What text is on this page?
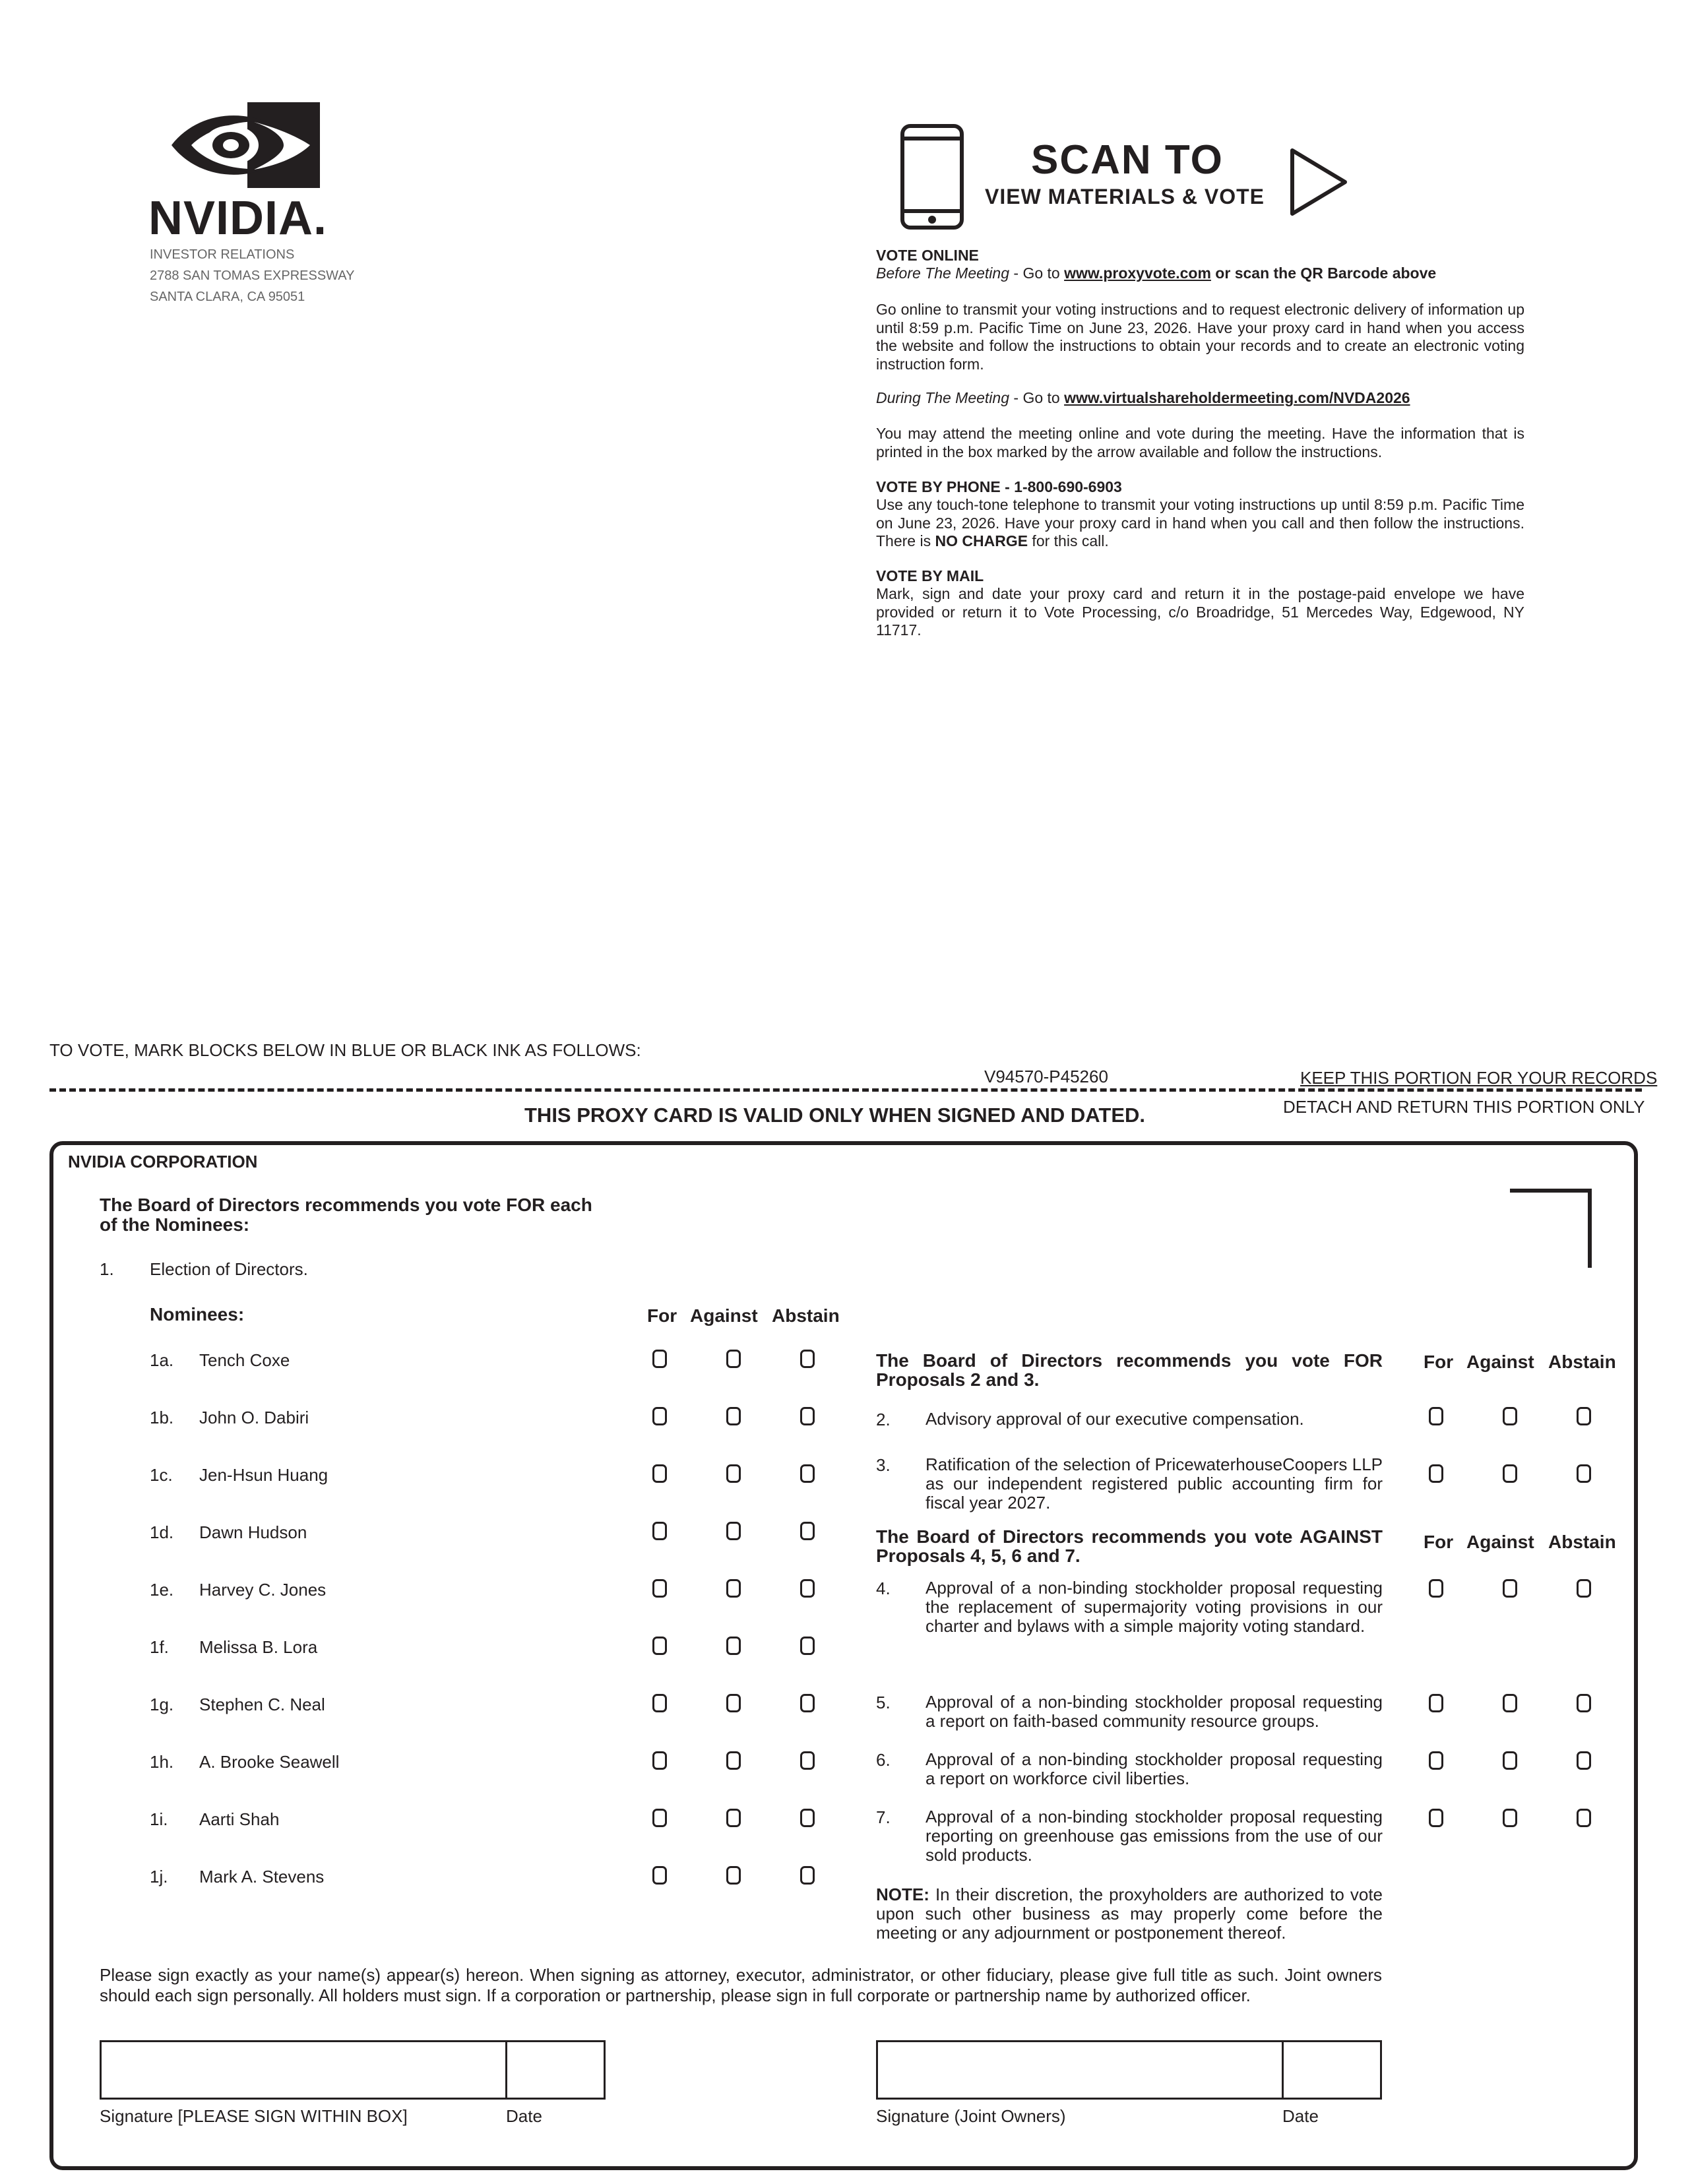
NVIDIA.
INVESTOR RELATIONS
2788 SAN TOMAS EXPRESSWAY
SANTA CLARA, CA 95051
SCAN TO
VIEW MATERIALS & VOTE
VOTE ONLINE
Before The Meeting - Go to www.proxyvote.com or scan the QR Barcode above
Go online to transmit your voting instructions and to request electronic delivery of information up until 8:59 p.m. Pacific Time on June 23, 2026. Have your proxy card in hand when you access the website and follow the instructions to obtain your records and to create an electronic voting instruction form.
During The Meeting - Go to www.virtualshareholdermeeting.com/NVDA2026
You may attend the meeting online and vote during the meeting. Have the information that is printed in the box marked by the arrow available and follow the instructions.
VOTE BY PHONE - 1-800-690-6903
Use any touch-tone telephone to transmit your voting instructions up until 8:59 p.m. Pacific Time on June 23, 2026. Have your proxy card in hand when you call and then follow the instructions. There is NO CHARGE for this call.
VOTE BY MAIL
Mark, sign and date your proxy card and return it in the postage-paid envelope we have provided or return it to Vote Processing, c/o Broadridge, 51 Mercedes Way, Edgewood, NY 11717.
TO VOTE, MARK BLOCKS BELOW IN BLUE OR BLACK INK AS FOLLOWS:
V94570-P45260	KEEP THIS PORTION FOR YOUR RECORDS
THIS PROXY CARD IS VALID ONLY WHEN SIGNED AND DATED.	DETACH AND RETURN THIS PORTION ONLY
NVIDIA CORPORATION
The Board of Directors recommends you vote FOR each
of the Nominees:
1. Election of Directors.
Nominees:	For Against Abstain
1a. Tench Coxe
1b. John O. Dabiri
1c. Jen-Hsun Huang
1d. Dawn Hudson
1e. Harvey C. Jones
1f. Melissa B. Lora
1g. Stephen C. Neal
1h. A. Brooke Seawell
1i. Aarti Shah
1j. Mark A. Stevens
The Board of Directors recommends you vote FOR Proposals 2 and 3.
For Against Abstain
2. Advisory approval of our executive compensation.
3. Ratification of the selection of PricewaterhouseCoopers LLP as our independent registered public accounting firm for fiscal year 2027.
The Board of Directors recommends you vote AGAINST Proposals 4, 5, 6 and 7.
For Against Abstain
4. Approval of a non-binding stockholder proposal requesting the replacement of supermajority voting provisions in our charter and bylaws with a simple majority voting standard.
5. Approval of a non-binding stockholder proposal requesting a report on faith-based community resource groups.
6. Approval of a non-binding stockholder proposal requesting a report on workforce civil liberties.
7. Approval of a non-binding stockholder proposal requesting reporting on greenhouse gas emissions from the use of our sold products.
NOTE: In their discretion, the proxyholders are authorized to vote upon such other business as may properly come before the meeting or any adjournment or postponement thereof.
Please sign exactly as your name(s) appear(s) hereon. When signing as attorney, executor, administrator, or other fiduciary, please give full title as such. Joint owners should each sign personally. All holders must sign. If a corporation or partnership, please sign in full corporate or partnership name by authorized officer.
Signature [PLEASE SIGN WITHIN BOX]	Date	Signature (Joint Owners)	Date
